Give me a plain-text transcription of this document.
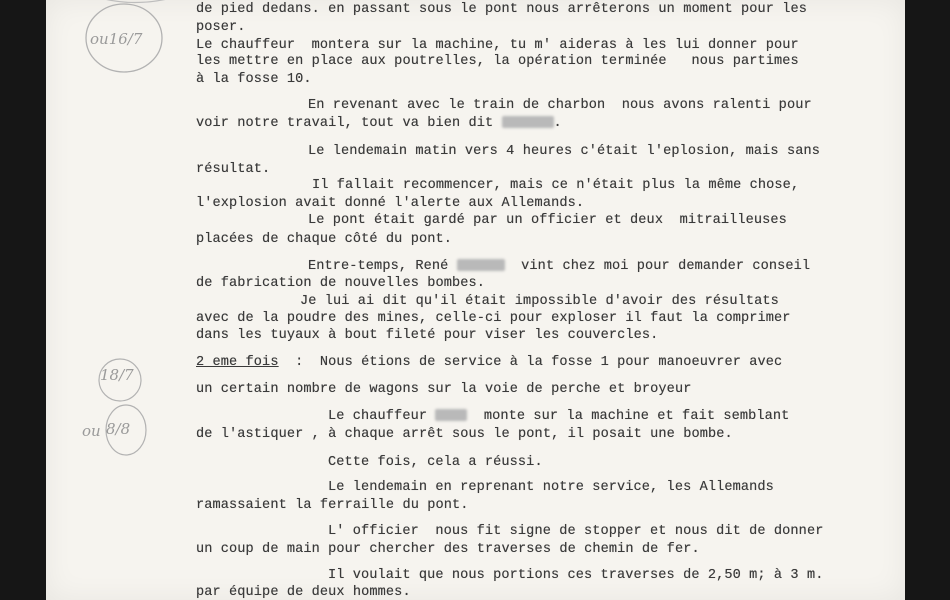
ou16/7
de pied dedans. en passant sous le pont nous arrêterons un moment pour les
poser.
Le chauffeur  montera sur la machine, tu m' aideras à les lui donner pour
les mettre en place aux poutrelles, la opération terminée   nous partimes
à la fosse 10.
En revenant avec le train de charbon  nous avons ralenti pour
voir notre travail, tout va bien dit	.
Le lendemain matin vers 4 heures c'était l'eplosion, mais sans
résultat.
Il fallait recommencer, mais ce n'était plus la même chose,
l'explosion avait donné l'alerte aux Allemands.
Le pont était gardé par un officier et deux  mitrailleuses
placées de chaque côté du pont.
Entre-temps, René	vint chez moi pour demander conseil
de fabrication de nouvelles bombes.
Je lui ai dit qu'il était impossible d'avoir des résultats
avec de la poudre des mines, celle-ci pour exploser il faut la comprimer
dans les tuyaux à bout fileté pour viser les couvercles.
18/7
ou 8/8
2 eme fois :  Nous étions de service à la fosse 1 pour manoeuvrer avec
un certain nombre de wagons sur la voie de perche et broyeur
Le chauffeur	monte sur la machine et fait semblant
de l'astiquer , à chaque arrêt sous le pont, il posait une bombe.
Cette fois, cela a réussi.
Le lendemain en reprenant notre service, les Allemands
ramassaient la ferraille du pont.
L' officier  nous fit signe de stopper et nous dit de donner
un coup de main pour chercher des traverses de chemin de fer.
Il voulait que nous portions ces traverses de 2,50 m; à 3 m.
par équipe de deux hommes.
